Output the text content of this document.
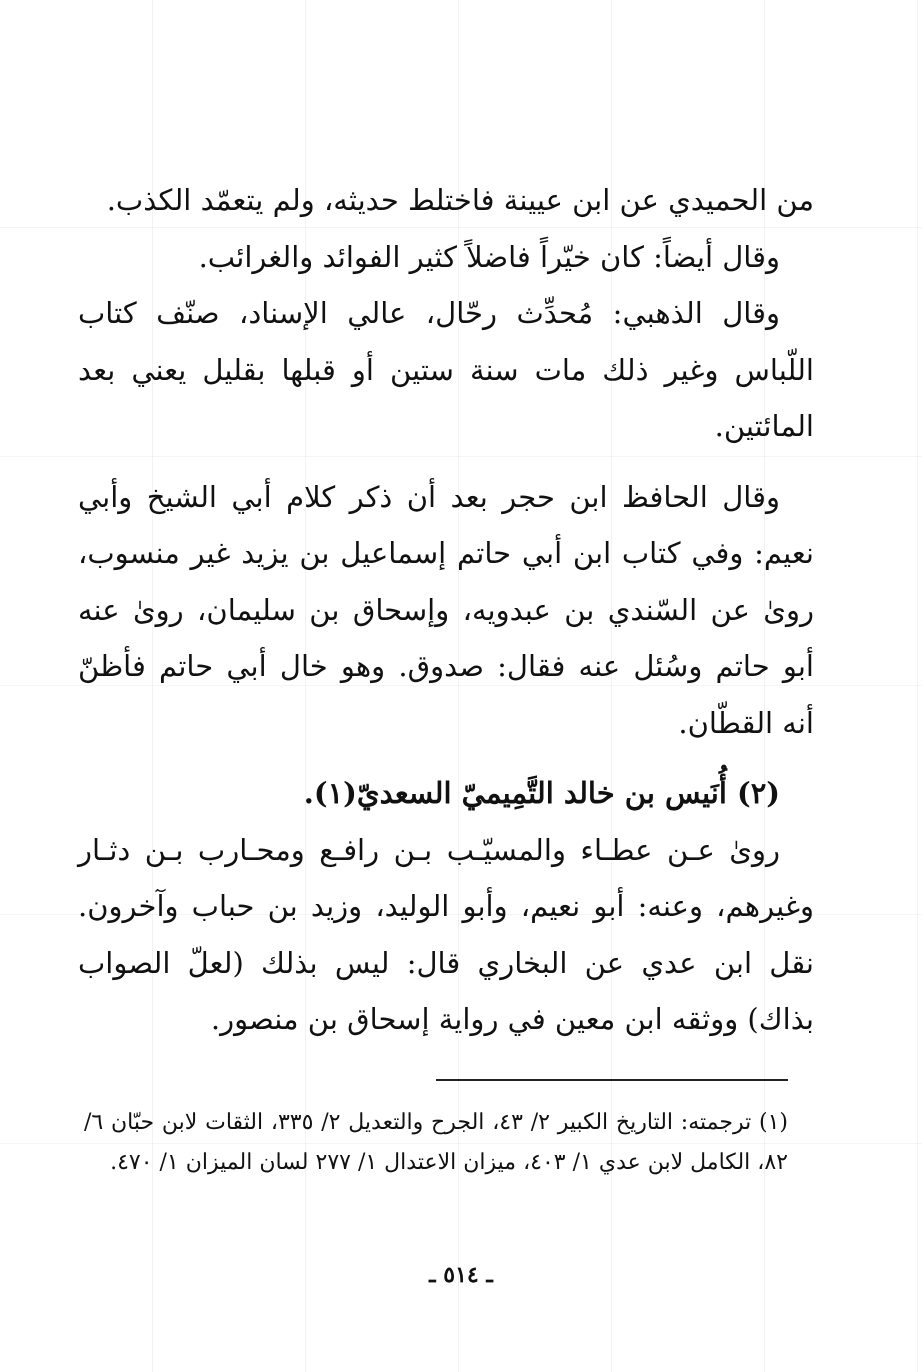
من الحميدي عن ابن عيينة فاختلط حديثه، ولم يتعمّد الكذب.

وقال أيضاً: كان خيّراً فاضلاً كثير الفوائد والغرائب.

وقال الذهبي: مُحدِّث رحّال، عالي الإسناد، صنّف كتاب اللّباس وغير ذلك مات سنة ستين أو قبلها بقليل يعني بعد المائتين.

وقال الحافظ ابن حجر بعد أن ذكر كلام أبي الشيخ وأبي نعيم: وفي كتاب ابن أبي حاتم إسماعيل بن يزيد غير منسوب، روىٰ عن السّندي بن عبدويه، وإسحاق بن سليمان، روىٰ عنه أبو حاتم وسُئل عنه فقال: صدوق. وهو خال أبي حاتم فأظنّ أنه القطّان.

(٢) أُنَيس بن خالد التَّمِيميّ السعديّ(١).

روىٰ عـن عطـاء والمسيّـب بـن رافـع ومحـارب بـن دثـار وغيرهم، وعنه: أبو نعيم، وأبو الوليد، وزيد بن حباب وآخرون. نقل ابن عدي عن البخاري قال: ليس بذلك (لعلّ الصواب بذاك) ووثقه ابن معين في رواية إسحاق بن منصور.

(١) ترجمته: التاريخ الكبير ٢/ ٤٣، الجرح والتعديل ٢/ ٣٣٥، الثقات لابن حبّان ٦/ ٨٢، الكامل لابن عدي ١/ ٤٠٣، ميزان الاعتدال ١/ ٢٧٧ لسان الميزان ١/ ٤٧٠.

ـ ٥١٤ ـ
